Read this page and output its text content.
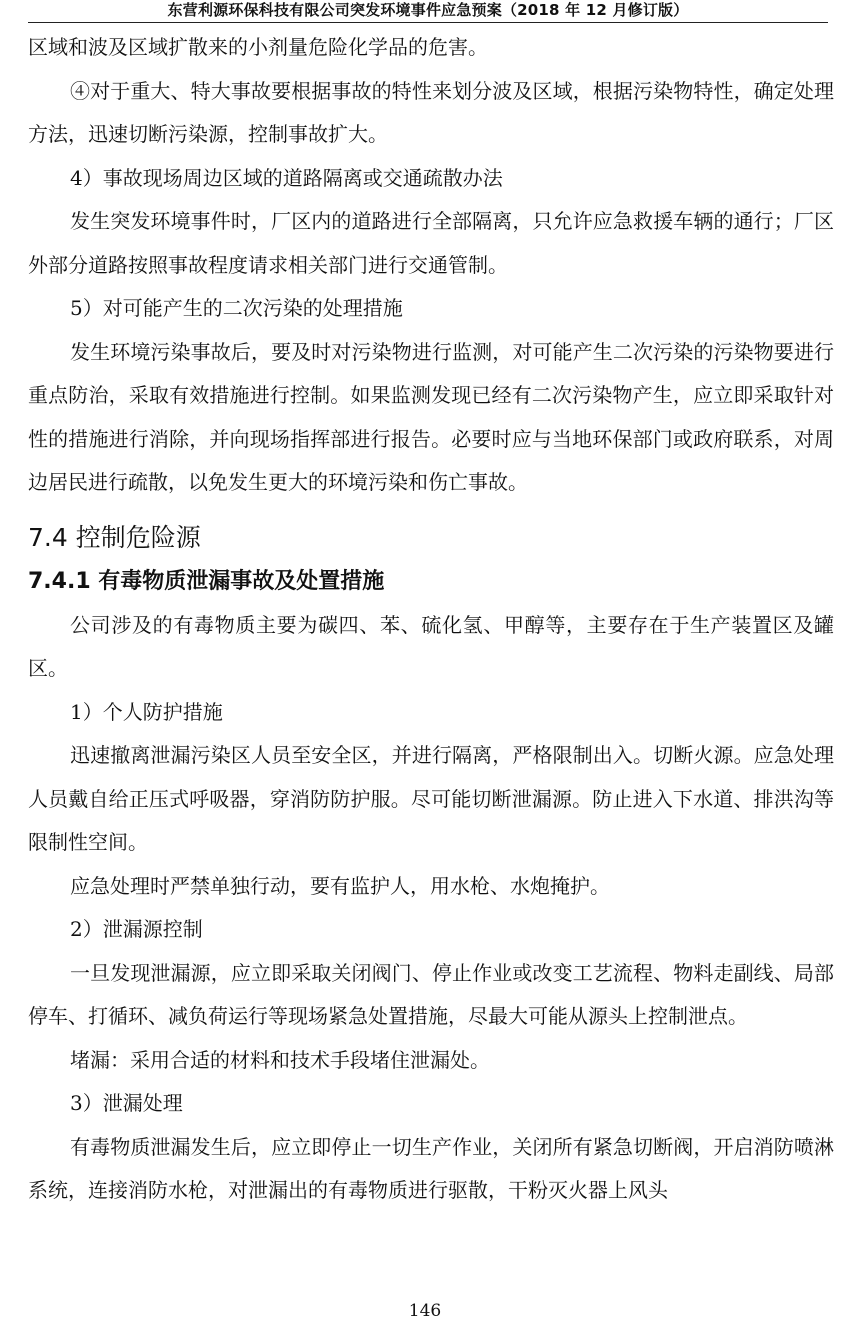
东营利源环保科技有限公司突发环境事件应急预案（2018 年 12 月修订版）

区域和波及区域扩散来的小剂量危险化学品的危害。

④对于重大、特大事故要根据事故的特性来划分波及区域，根据污染物特性，确定处理方法，迅速切断污染源，控制事故扩大。

4）事故现场周边区域的道路隔离或交通疏散办法

发生突发环境事件时，厂区内的道路进行全部隔离，只允许应急救援车辆的通行；厂区外部分道路按照事故程度请求相关部门进行交通管制。

5）对可能产生的二次污染的处理措施

发生环境污染事故后，要及时对污染物进行监测，对可能产生二次污染的污染物要进行重点防治，采取有效措施进行控制。如果监测发现已经有二次污染物产生，应立即采取针对性的措施进行消除，并向现场指挥部进行报告。必要时应与当地环保部门或政府联系，对周边居民进行疏散，以免发生更大的环境污染和伤亡事故。

7.4 控制危险源
7.4.1 有毒物质泄漏事故及处置措施

公司涉及的有毒物质主要为碳四、苯、硫化氢、甲醇等，主要存在于生产装置区及罐区。

1）个人防护措施

迅速撤离泄漏污染区人员至安全区，并进行隔离，严格限制出入。切断火源。应急处理人员戴自给正压式呼吸器，穿消防防护服。尽可能切断泄漏源。防止进入下水道、排洪沟等限制性空间。

应急处理时严禁单独行动，要有监护人，用水枪、水炮掩护。

2）泄漏源控制

一旦发现泄漏源，应立即采取关闭阀门、停止作业或改变工艺流程、物料走副线、局部停车、打循环、减负荷运行等现场紧急处置措施，尽最大可能从源头上控制泄点。

堵漏：采用合适的材料和技术手段堵住泄漏处。

3）泄漏处理

有毒物质泄漏发生后，应立即停止一切生产作业，关闭所有紧急切断阀，开启消防喷淋系统，连接消防水枪，对泄漏出的有毒物质进行驱散，干粉灭火器上风头

146
